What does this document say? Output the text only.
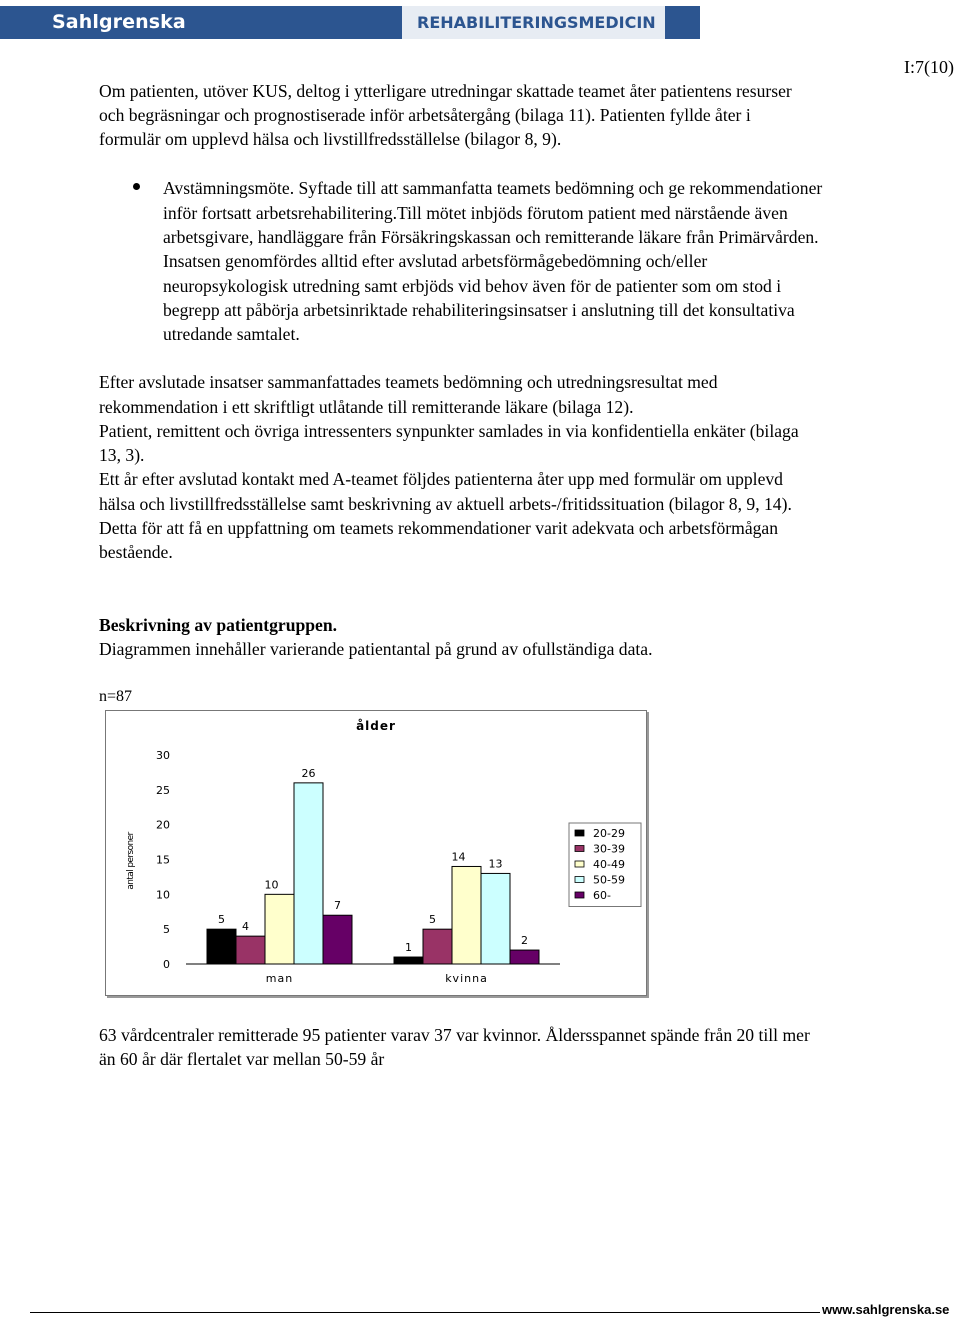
Sahlgrenska Universitetssjukhuset
REHABILITERINGSMEDICIN
I:7(10)

Om patienten, utöver KUS, deltog i ytterligare utredningar skattade teamet åter patientens resurser

och begräsningar och prognostiserade inför arbetsåtergång (bilaga 11). Patienten fyllde åter i

formulär om upplevd hälsa och livstillfredsställelse (bilagor 8, 9).

Avstämningsmöte. Syftade till att sammanfatta teamets bedömning och ge rekommendationer

inför fortsatt arbetsrehabilitering.Till mötet inbjöds förutom patient med närstående även

arbetsgivare, handläggare från Försäkringskassan och remitterande läkare från Primärvården.

Insatsen genomfördes alltid efter avslutad arbetsförmågebedömning och/eller

neuropsykologisk utredning samt erbjöds vid behov även för de patienter som om stod i

begrepp att påbörja arbetsinriktade rehabiliteringsinsatser i anslutning till det konsultativa

utredande samtalet.

Efter avslutade insatser sammanfattades teamets bedömning och utredningsresultat med

rekommendation i ett skriftligt utlåtande till remitterande läkare (bilaga 12).

Patient, remittent och övriga intressenters synpunkter samlades in via konfidentiella enkäter (bilaga

13, 3).

Ett år efter avslutad kontakt med A-teamet följdes patienterna åter upp med formulär om upplevd

hälsa och livstillfredsställelse samt beskrivning av aktuell arbets-/fritidssituation (bilagor 8, 9, 14).

Detta för att få en uppfattning om teamets rekommendationer varit adekvata och arbetsförmågan

bestående.

Beskrivning av patientgruppen.

Diagrammen innehåller varierande patientantal på grund av ofullständiga data.

n=87

ålder
antal personer
0
5
10
15
20
25
30
5
4
10
26
7
man
1
5
14
13
2
kvinna
20-29
30-39
40-49
50-59
60-

63 vårdcentraler remitterade 95 patienter varav 37 var kvinnor. Åldersspannet spände från 20 till mer

än 60 år där flertalet var mellan 50-59 år

www.sahlgrenska.se
